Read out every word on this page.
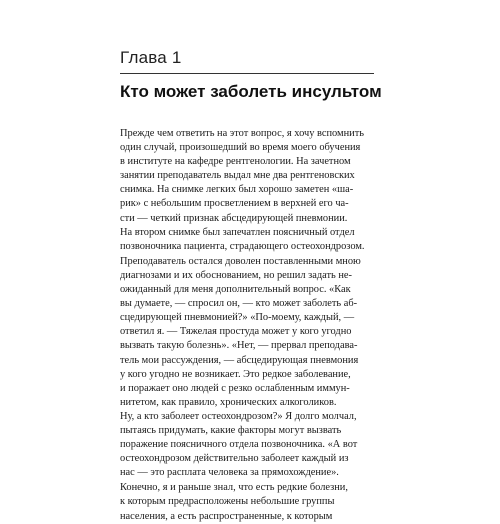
Глава 1
Кто может заболеть инсультом
Прежде чем ответить на этот вопрос, я хочу вспомнить
один случай, произошедший во время моего обучения
в институте на кафедре рентгенологии. На зачетном
занятии преподаватель выдал мне два рентгеновских
снимка. На снимке легких был хорошо заметен «ша-
рик» с небольшим просветлением в верхней его ча-
сти — четкий признак абсцедирующей пневмонии.
На втором снимке был запечатлен поясничный отдел
позвоночника пациента, страдающего остеохондрозом.
Преподаватель остался доволен поставленными мною
диагнозами и их обоснованием, но решил задать не-
ожиданный для меня дополнительный вопрос. «Как
вы думаете, — спросил он, — кто может заболеть аб-
сцедирующей пневмонией?» «По-моему, каждый, —
ответил я. — Тяжелая простуда может у кого угодно
вызвать такую болезнь». «Нет, — прервал преподава-
тель мои рассуждения, — абсцедирующая пневмония
у кого угодно не возникает. Это редкое заболевание,
и поражает оно людей с резко ослабленным иммун-
нитетом, как правило, хронических алкоголиков.
Ну, а кто заболеет остеохондрозом?» Я долго молчал,
пытаясь придумать, какие факторы могут вызвать
поражение поясничного отдела позвоночника. «А вот
остеохондрозом действительно заболеет каждый из
нас — это расплата человека за прямохождение».
Конечно, я и раньше знал, что есть редкие болезни,
к которым предрасположены небольшие группы
населения, а есть распространенные, к которым
